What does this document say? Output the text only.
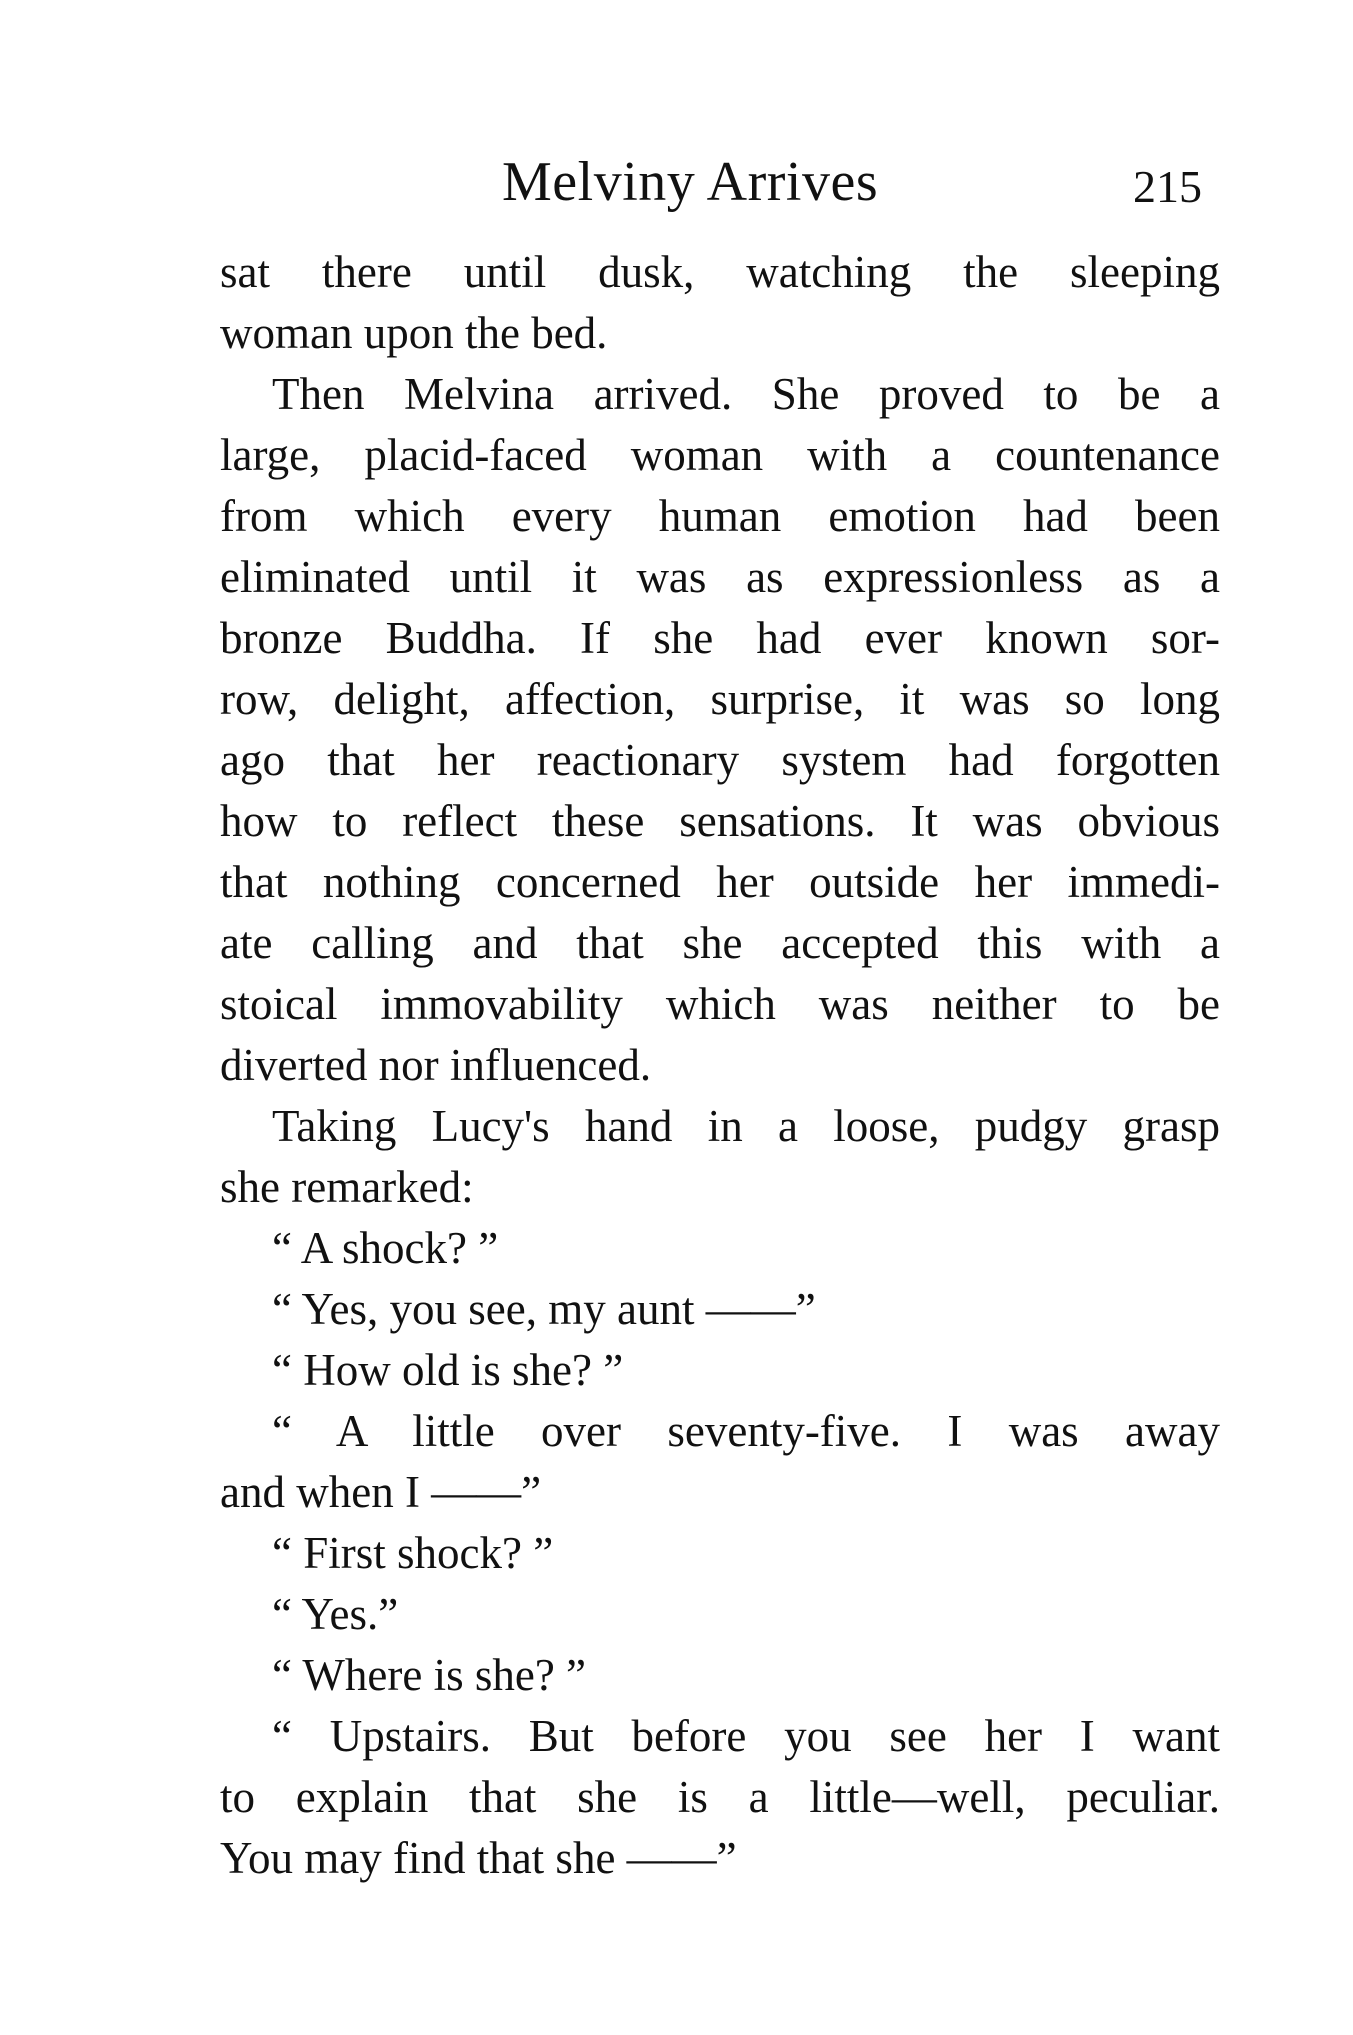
Melviny Arrives	215
sat there until dusk, watching the sleeping
woman upon the bed.
Then Melvina arrived. She proved to be a
large, placid-faced woman with a countenance
from which every human emotion had been
eliminated until it was as expressionless as a
bronze Buddha. If she had ever known sor-
row, delight, affection, surprise, it was so long
ago that her reactionary system had forgotten
how to reflect these sensations. It was obvious
that nothing concerned her outside her immedi-
ate calling and that she accepted this with a
stoical immovability which was neither to be
diverted nor influenced.
Taking Lucy's hand in a loose, pudgy grasp
she remarked:
“ A shock? ”
“ Yes, you see, my aunt ——”
“ How old is she? ”
“ A little over seventy-five. I was away
and when I ——”
“ First shock? ”
“ Yes.”
“ Where is she? ”
“ Upstairs. But before you see her I want
to explain that she is a little—well, peculiar.
You may find that she ——”
